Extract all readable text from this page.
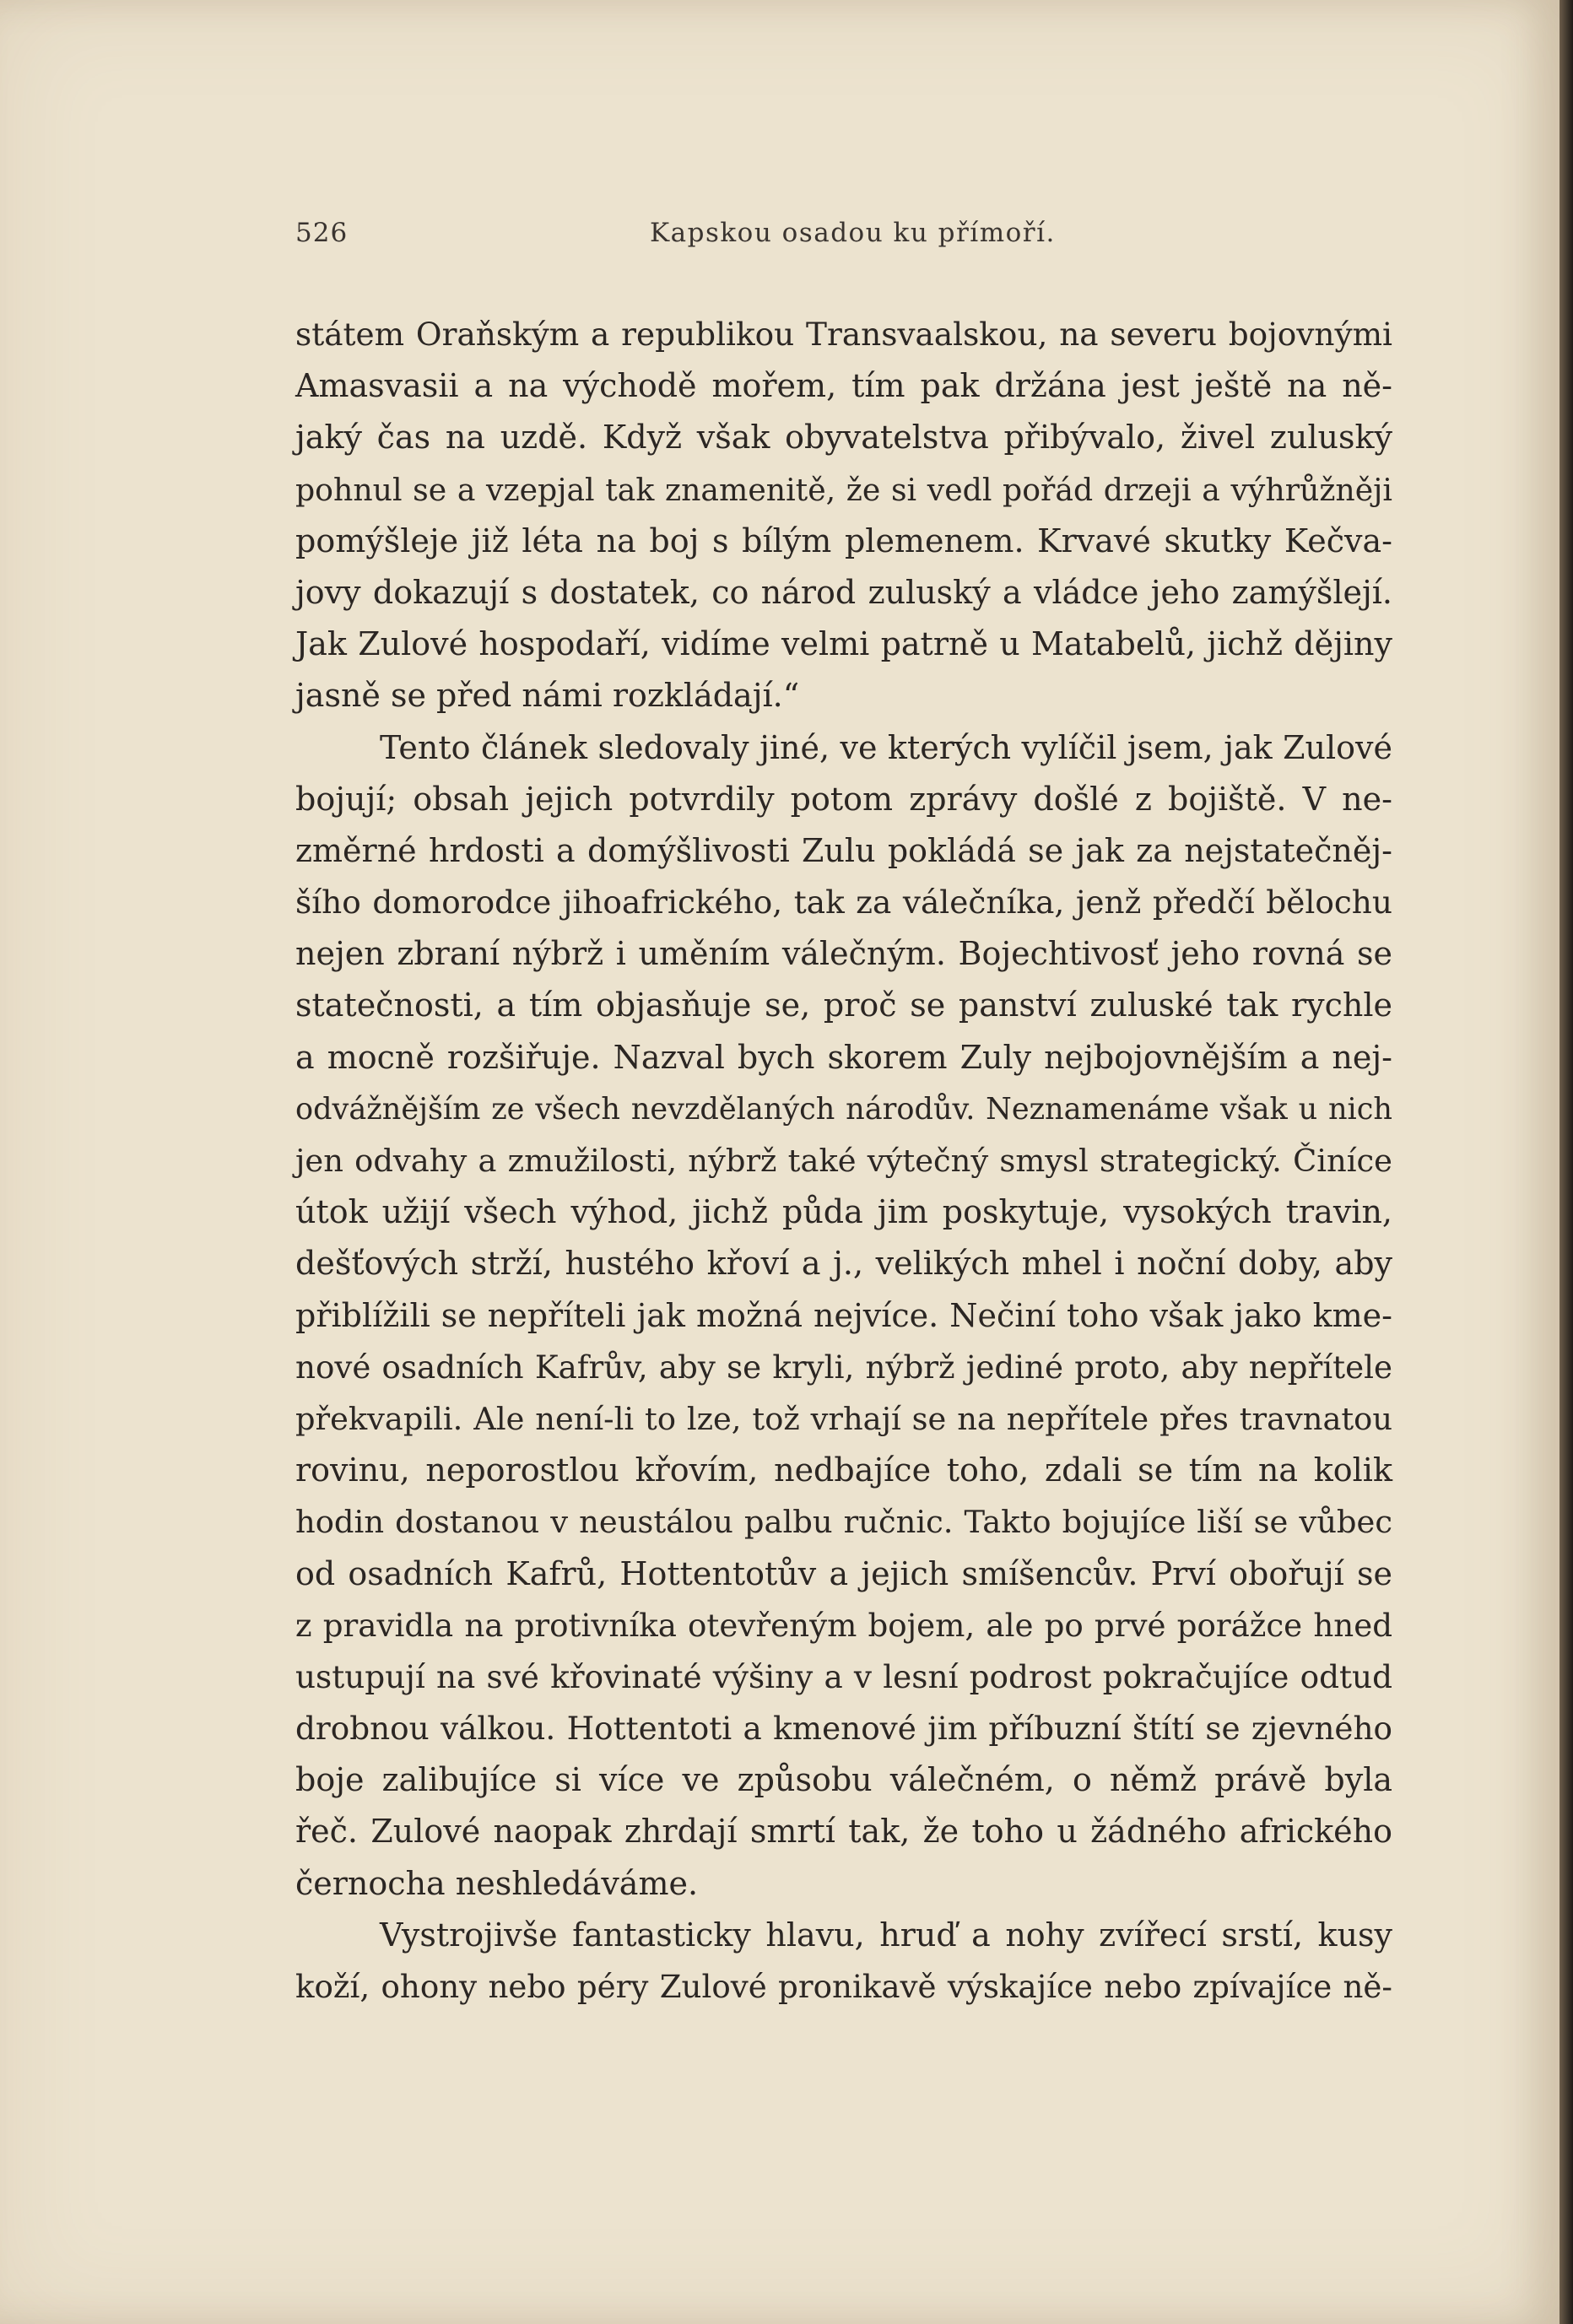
526	Kapskou osadou ku přímoří.
státem Oraňským a republikou Transvaalskou, na severu bojovnými
Amasvasii a na východě mořem, tím pak držána jest ještě na ně-
jaký čas na uzdě. Když však obyvatelstva přibývalo, živel zuluský
pohnul se a vzepjal tak znamenitě, že si vedl pořád drzeji a výhrůžněji
pomýšleje již léta na boj s bílým plemenem. Krvavé skutky Kečva-
jovy dokazují s dostatek, co národ zuluský a vládce jeho zamýšlejí.
Jak Zulové hospodaří, vidíme velmi patrně u Matabelů, jichž dějiny
jasně se před námi rozkládají.“
Tento článek sledovaly jiné, ve kterých vylíčil jsem, jak Zulové
bojují; obsah jejich potvrdily potom zprávy došlé z bojiště. V ne-
změrné hrdosti a domýšlivosti Zulu pokládá se jak za nejstatečněj-
šího domorodce jihoafrického, tak za válečníka, jenž předčí bělochu
nejen zbraní nýbrž i uměním válečným. Bojechtivosť jeho rovná se
statečnosti, a tím objasňuje se, proč se panství zuluské tak rychle
a mocně rozšiřuje. Nazval bych skorem Zuly nejbojovnějším a nej-
odvážnějším ze všech nevzdělaných národův. Neznamenáme však u nich
jen odvahy a zmužilosti, nýbrž také výtečný smysl strategický. Činíce
útok užijí všech výhod, jichž půda jim poskytuje, vysokých travin,
dešťových strží, hustého křoví a j., velikých mhel i noční doby, aby
přiblížili se nepříteli jak možná nejvíce. Nečiní toho však jako kme-
nové osadních Kafrův, aby se kryli, nýbrž jediné proto, aby nepřítele
překvapili. Ale není-li to lze, tož vrhají se na nepřítele přes travnatou
rovinu, neporostlou křovím, nedbajíce toho, zdali se tím na kolik
hodin dostanou v neustálou palbu ručnic. Takto bojujíce liší se vůbec
od osadních Kafrů, Hottentotův a jejich smíšencův. Prví obořují se
z pravidla na protivníka otevřeným bojem, ale po prvé porážce hned
ustupují na své křovinaté výšiny a v lesní podrost pokračujíce odtud
drobnou válkou. Hottentoti a kmenové jim příbuzní štítí se zjevného
boje zalibujíce si více ve způsobu válečném, o němž právě byla
řeč. Zulové naopak zhrdají smrtí tak, že toho u žádného afrického
černocha neshledáváme.
Vystrojivše fantasticky hlavu, hruď a nohy zvířecí srstí, kusy
koží, ohony nebo péry Zulové pronikavě výskajíce nebo zpívajíce ně-
